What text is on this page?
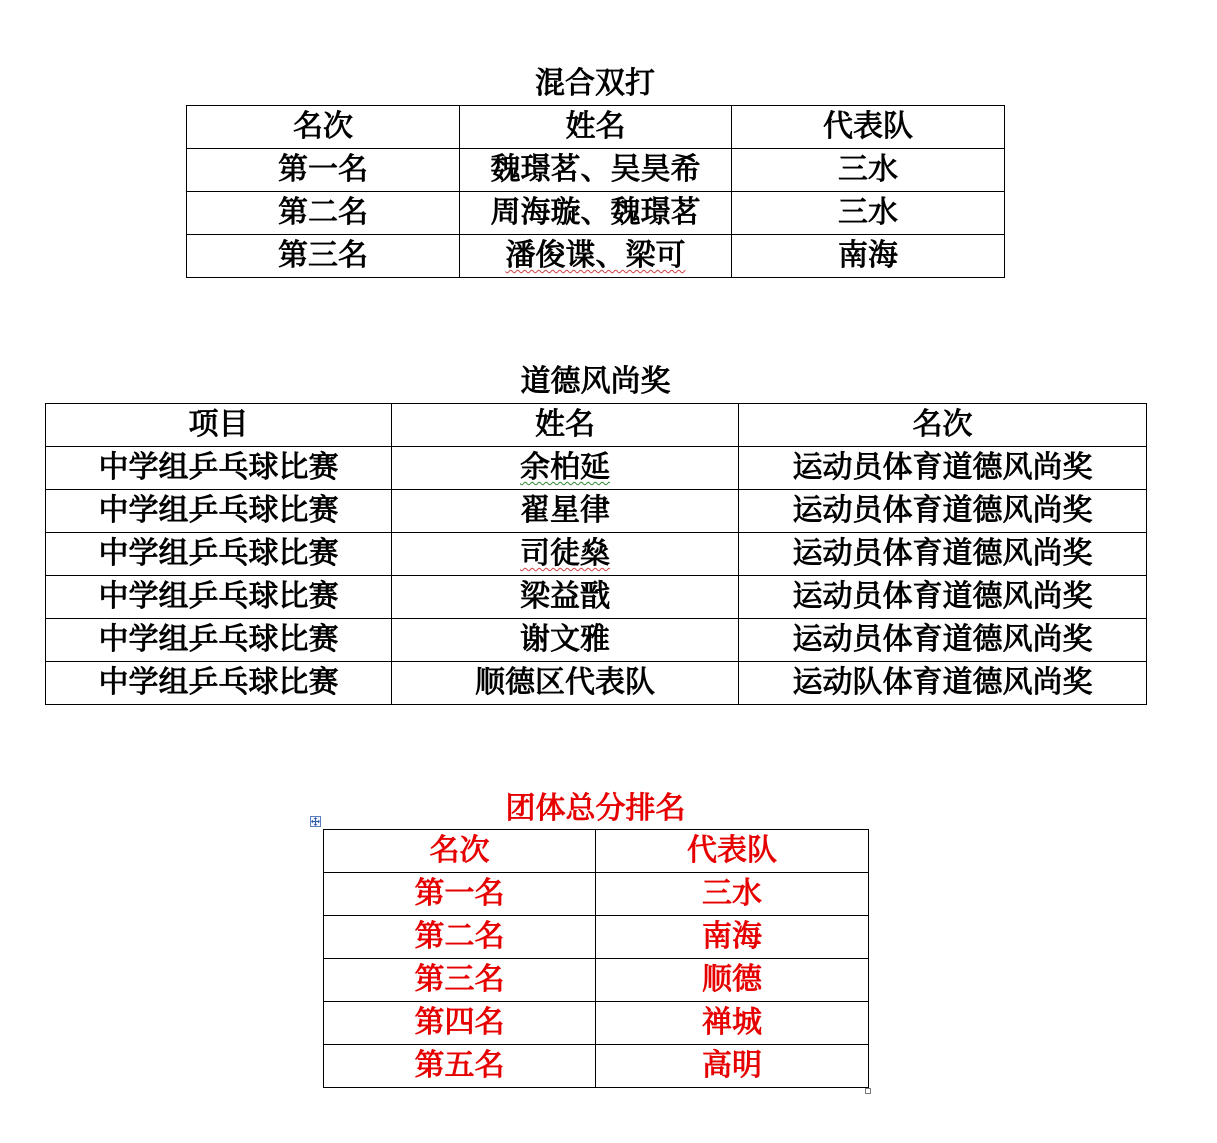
混合双打
名次	姓名	代表队
第一名	魏璟茗、吴昊希	三水
第二名	周海璇、魏璟茗	三水
第三名	潘俊谍、梁可	南海
道德风尚奖
项目	姓名	名次
中学组乒乓球比赛	余柏延	运动员体育道德风尚奖
中学组乒乓球比赛	翟星律	运动员体育道德风尚奖
中学组乒乓球比赛	司徒燊	运动员体育道德风尚奖
中学组乒乓球比赛	梁益戬	运动员体育道德风尚奖
中学组乒乓球比赛	谢文雅	运动员体育道德风尚奖
中学组乒乓球比赛	顺德区代表队	运动队体育道德风尚奖
团体总分排名
名次	代表队
第一名	三水
第二名	南海
第三名	顺德
第四名	禅城
第五名	高明
